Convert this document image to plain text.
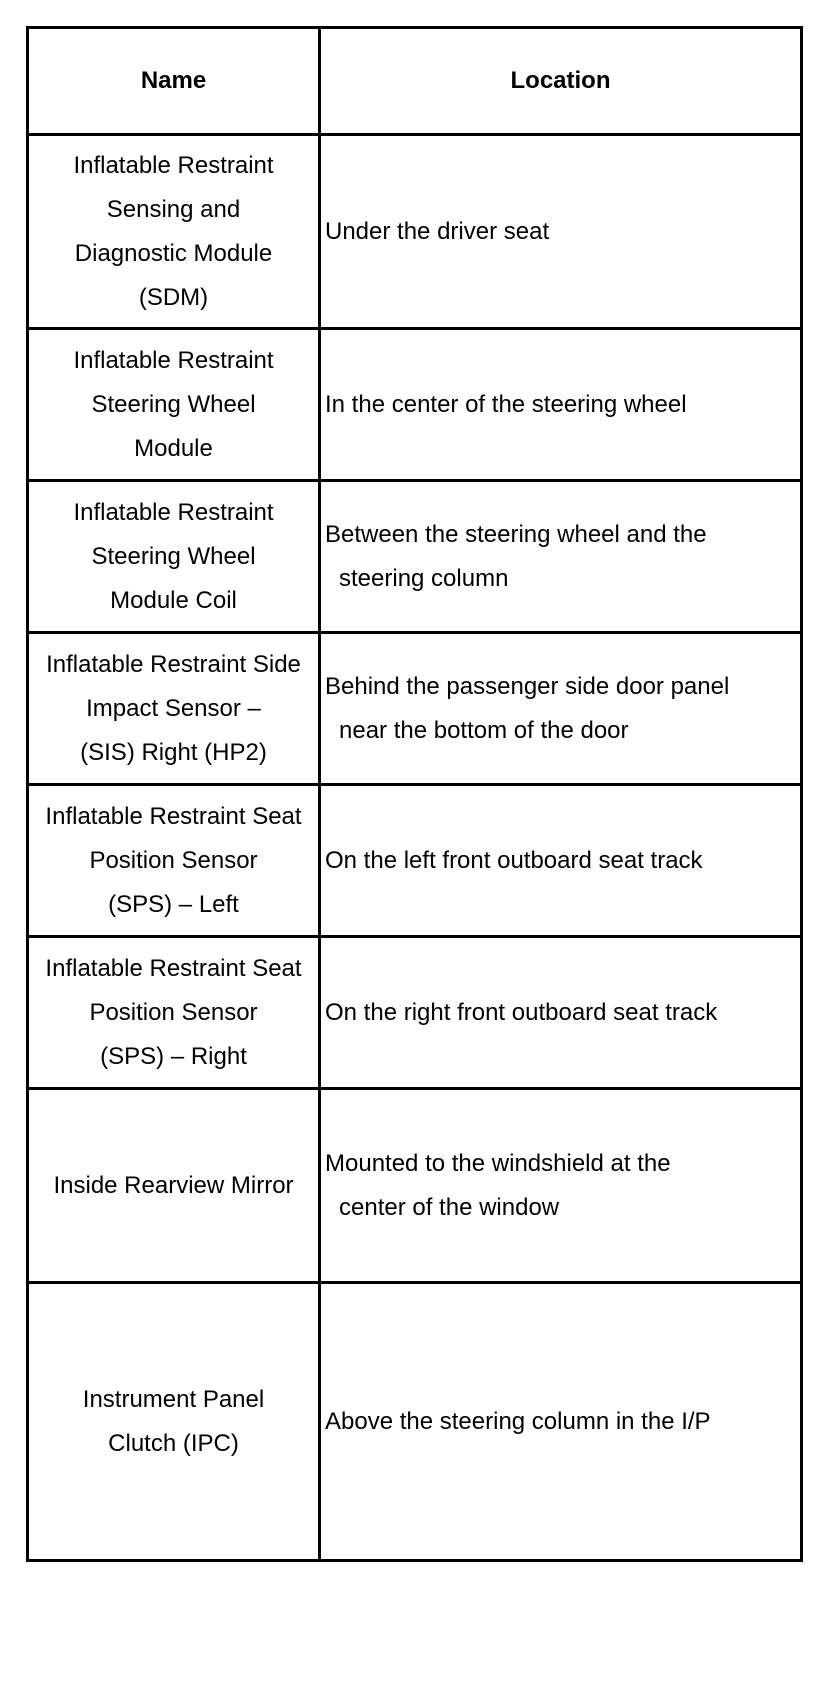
Name	Location

Inflatable Restraint
Sensing and
Diagnostic Module
(SDM)	Under the driver seat

Inflatable Restraint
Steering Wheel
Module	In the center of the steering wheel

Inflatable Restraint
Steering Wheel
Module Coil	Between the steering wheel and the
steering column

Inflatable Restraint Side
Impact Sensor –
(SIS) Right (HP2)	Behind the passenger side door panel
near the bottom of the door

Inflatable Restraint Seat
Position Sensor
(SPS) – Left	On the left front outboard seat track

Inflatable Restraint Seat
Position Sensor
(SPS) – Right	On the right front outboard seat track

Inside Rearview Mirror	Mounted to the windshield at the
center of the window

Instrument Panel
Clutch (IPC)	Above the steering column in the I/P
